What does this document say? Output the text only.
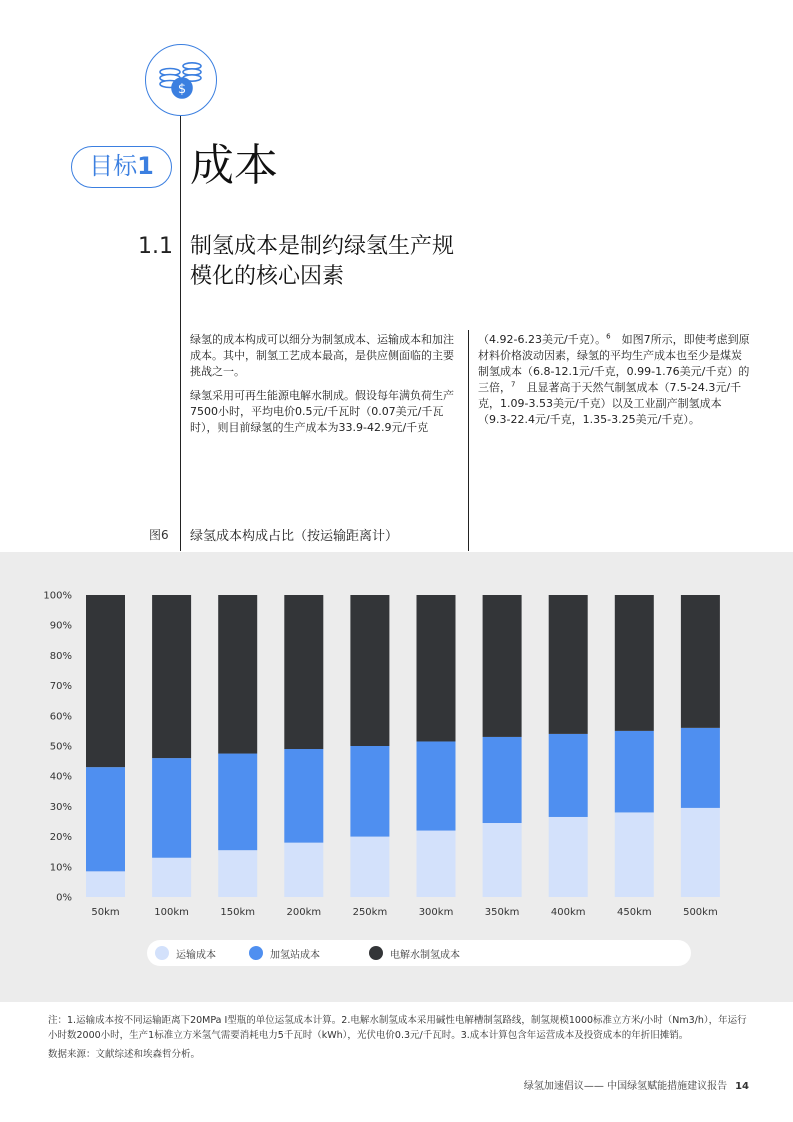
$
目标1 成本
1.1 制氢成本是制约绿氢生产规模化的核心因素

绿氢的成本构成可以细分为制氢成本、运输成本和加注成本。其中，制氢工艺成本最高，是供应侧面临的主要挑战之一。

绿氢采用可再生能源电解水制成。假设每年满负荷生产7500小时，平均电价0.5元/千瓦时（0.07美元/千瓦时），则目前绿氢的生产成本为33.9-42.9元/千克

（4.92-6.23美元/千克）。$^6$　如图7所示，即使考虑到原材料价格波动因素，绿氢的平均生产成本也至少是煤炭制氢成本（6.8-12.1元/千克，0.99-1.76美元/千克）的三倍，$^7$　且显著高于天然气制氢成本（7.5-24.3元/千克，1.09-3.53美元/千克）以及工业副产制氢成本（9.3-22.4元/千克，1.35-3.25美元/千克）。

图6 绿氢成本构成占比（按运输距离计）
0%
10%
20%
30%
40%
50%
60%
70%
80%
90%
100%
50km	100km	150km	200km	250km	300km	350km	400km	450km	500km
运输成本	加氢站成本	电解水制氢成本
注：1.运输成本按不同运输距离下20MPa I型瓶的单位运氢成本计算。2.电解水制氢成本采用碱性电解槽制氢路线，制氢规模1000标准立方米/小时（Nm3/h），年运行小时数2000小时，生产1标准立方米氢气需要消耗电力5千瓦时（kWh），光伏电价0.3元/千瓦时。3.成本计算包含年运营成本及投资成本的年折旧摊销。
数据来源：文献综述和埃森哲分析。
绿氢加速倡议—— 中国绿氢赋能措施建议报告 14
